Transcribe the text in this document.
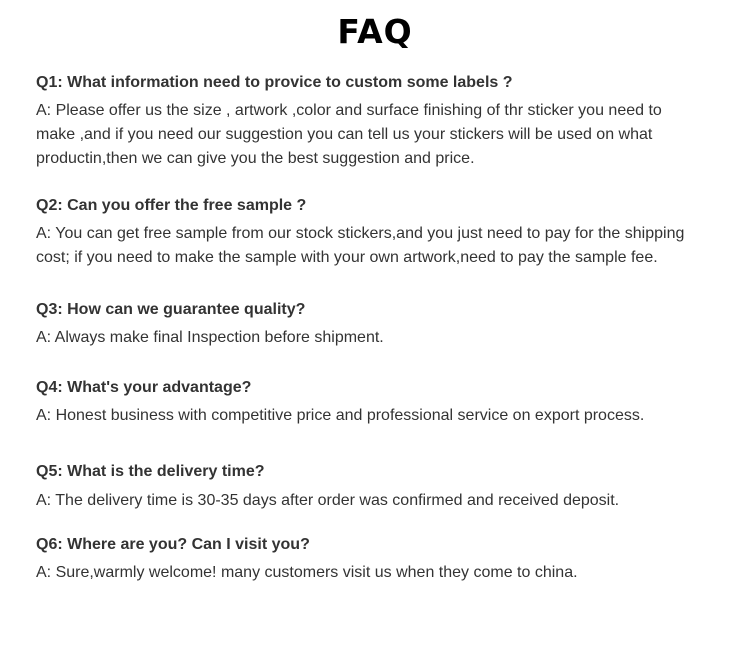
FAQ
Q1: What information need to provice to custom some labels ?
A: Please offer us the size , artwork ,color and surface finishing of thr sticker you need to
make ,and if you need our suggestion you can tell us your stickers will be used on what
productin,then we can give you the best suggestion and price.
Q2: Can you offer the free sample ?
A: You can get free sample from our stock stickers,and you just need to pay for the shipping
cost; if you need to make the sample with your own artwork,need to pay the sample fee.
Q3: How can we guarantee quality?
A: Always make final Inspection before shipment.
Q4: What's your advantage?
A: Honest business with competitive price and professional service on export process.
Q5: What is the delivery time?
A: The delivery time is 30-35 days after order was confirmed and received deposit.
Q6: Where are you? Can I visit you?
A: Sure,warmly welcome! many customers visit us when they come to china.
